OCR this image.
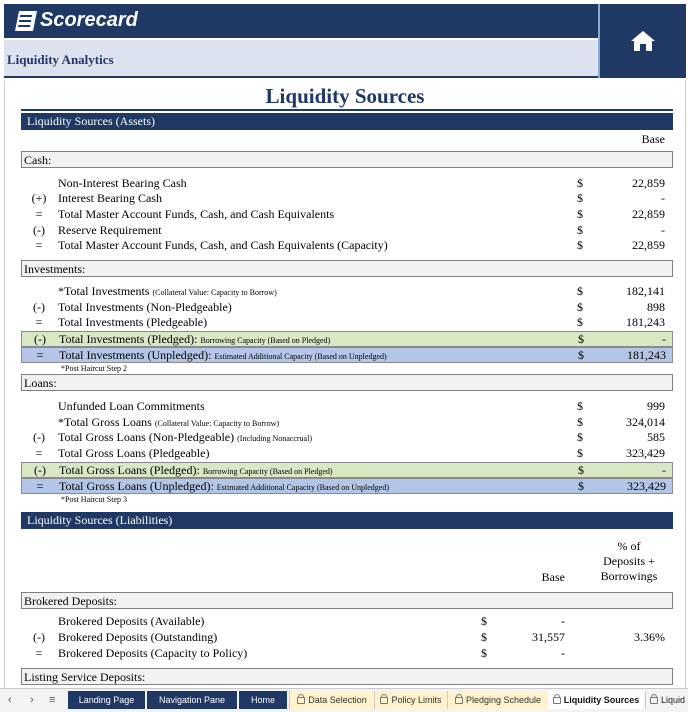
Scorecard
Liquidity Analytics
Liquidity Sources
Liquidity Sources (Assets)
Base
Cash:
Non-Interest Bearing Cash	$	22,859
(+) Interest Bearing Cash	$	-
=	Total Master Account Funds, Cash, and Cash Equivalents	$	22,859
(-)	Reserve Requirement	$	-
=	Total Master Account Funds, Cash, and Cash Equivalents (Capacity)	$	22,859
Investments:
*Total Investments (Collateral Value: Capacity to Borrow)	$	182,141
(-)	Total Investments (Non-Pledgeable)	$	898
=	Total Investments (Pledgeable)	$	181,243
(-)	Total Investments (Pledged): Borrowing Capacity (Based on Pledged)	$	-
=	Total Investments (Unpledged): Estimated Additional Capacity (Based on Unpledged)	$	181,243
*Post Haircut Step 2
Loans:
Unfunded Loan Commitments	$	999
*Total Gross Loans (Collateral Value: Capacity to Borrow)	$	324,014
(-)	Total Gross Loans (Non-Pledgeable) (Including Nonaccrual)	$	585
=	Total Gross Loans (Pledgeable)	$	323,429
(-)	Total Gross Loans (Pledged): Borrowing Capacity (Based on Pledged)	$	-
=	Total Gross Loans (Unpledged): Estimated Additional Capacity (Based on Unpledged)	$	323,429
*Post Haircut Step 3
Liquidity Sources (Liabilities)
% of
Deposits +
Borrowings
Base
Brokered Deposits:
Brokered Deposits (Available)	$	-
(-)	Brokered Deposits (Outstanding)	$	31,557	3.36%
=	Brokered Deposits (Capacity to Policy)	$	-
Listing Service Deposits:
‹ › ≡	Landing Page	Navigation Pane	Home	Data Selection	Policy Limits	Pledging Schedule	Liquidity Sources	Liquid
